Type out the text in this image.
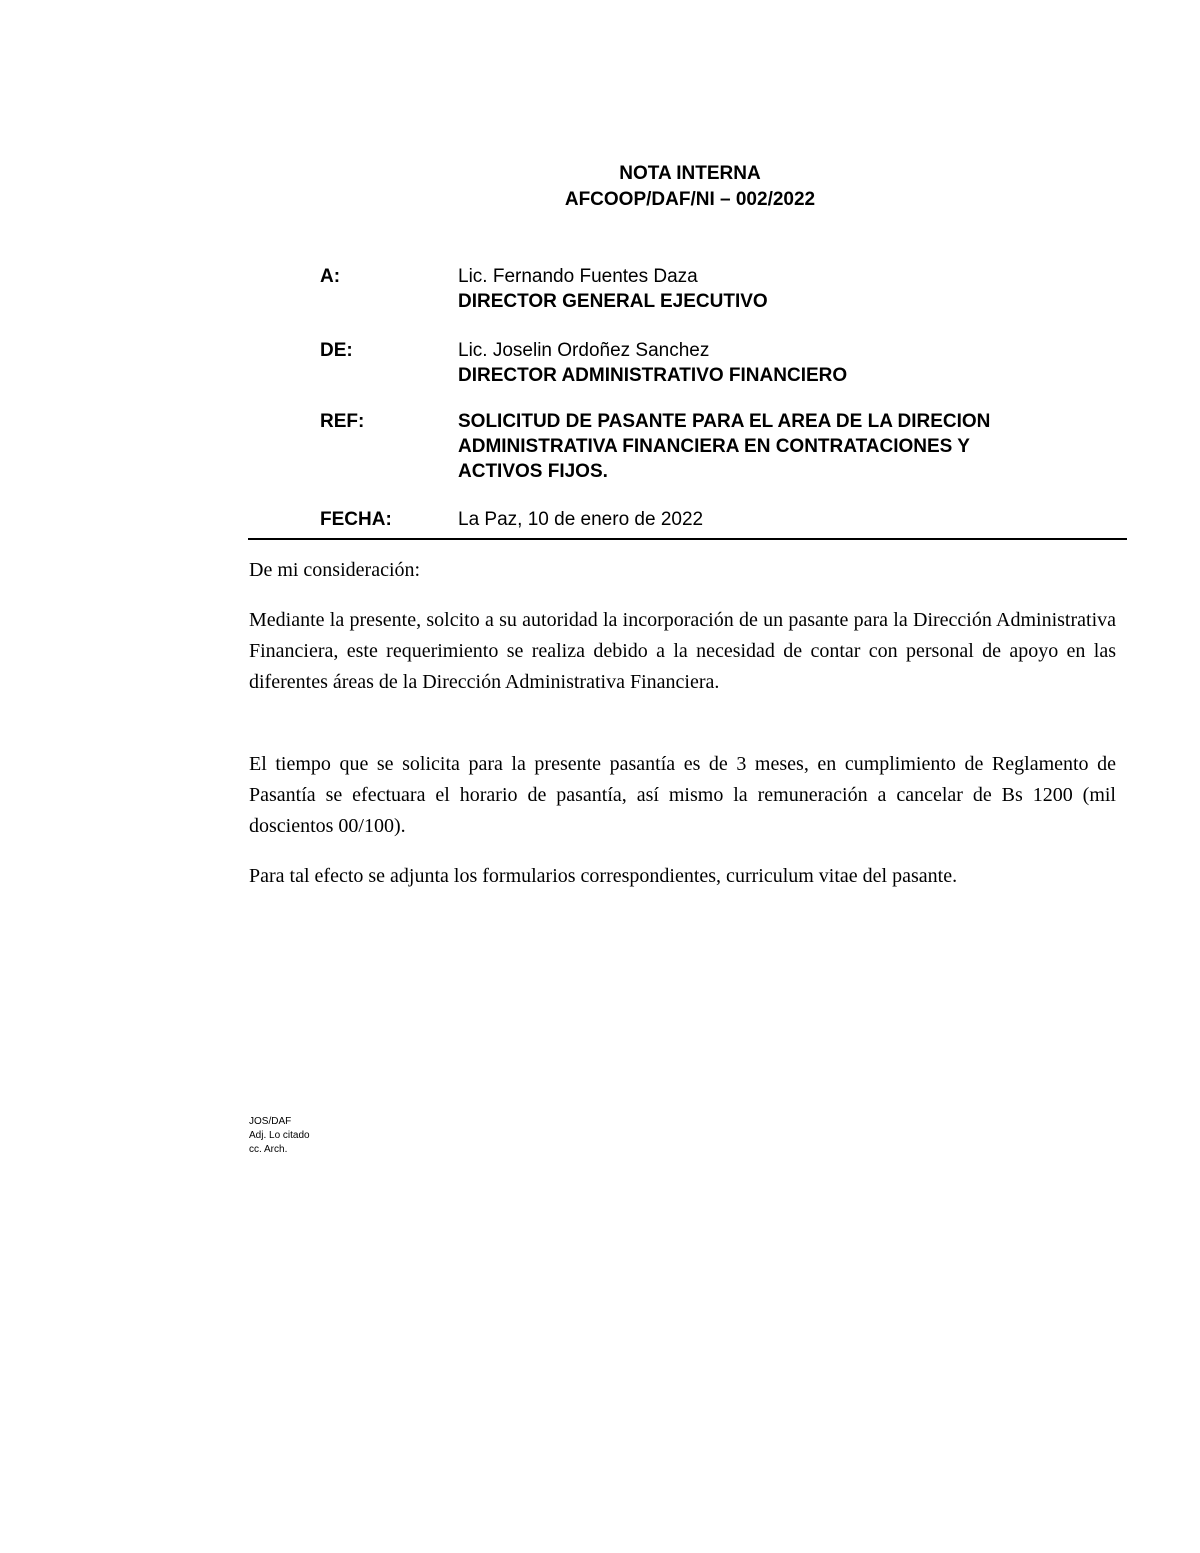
NOTA INTERNA
AFCOOP/DAF/NI – 002/2022
A:	Lic. Fernando Fuentes Daza
DIRECTOR GENERAL EJECUTIVO
DE:	Lic. Joselin Ordoñez Sanchez
DIRECTOR ADMINISTRATIVO FINANCIERO
REF:	SOLICITUD DE PASANTE PARA EL AREA DE LA DIRECION ADMINISTRATIVA FINANCIERA EN CONTRATACIONES Y ACTIVOS FIJOS.
FECHA:	La Paz, 10 de enero de 2022
De mi consideración:
Mediante la presente, solcito a su autoridad la incorporación de un pasante para la Dirección Administrativa Financiera, este requerimiento se realiza debido a la necesidad de contar con personal de apoyo en las diferentes áreas de la Dirección Administrativa Financiera.
El tiempo que se solicita para la presente pasantía es de 3 meses, en cumplimiento de Reglamento de Pasantía se efectuara el horario de pasantía, así mismo la remuneración a cancelar de Bs 1200 (mil doscientos 00/100).
Para tal efecto se adjunta los formularios correspondientes, curriculum vitae del pasante.
JOS/DAF
Adj. Lo citado
cc. Arch.
